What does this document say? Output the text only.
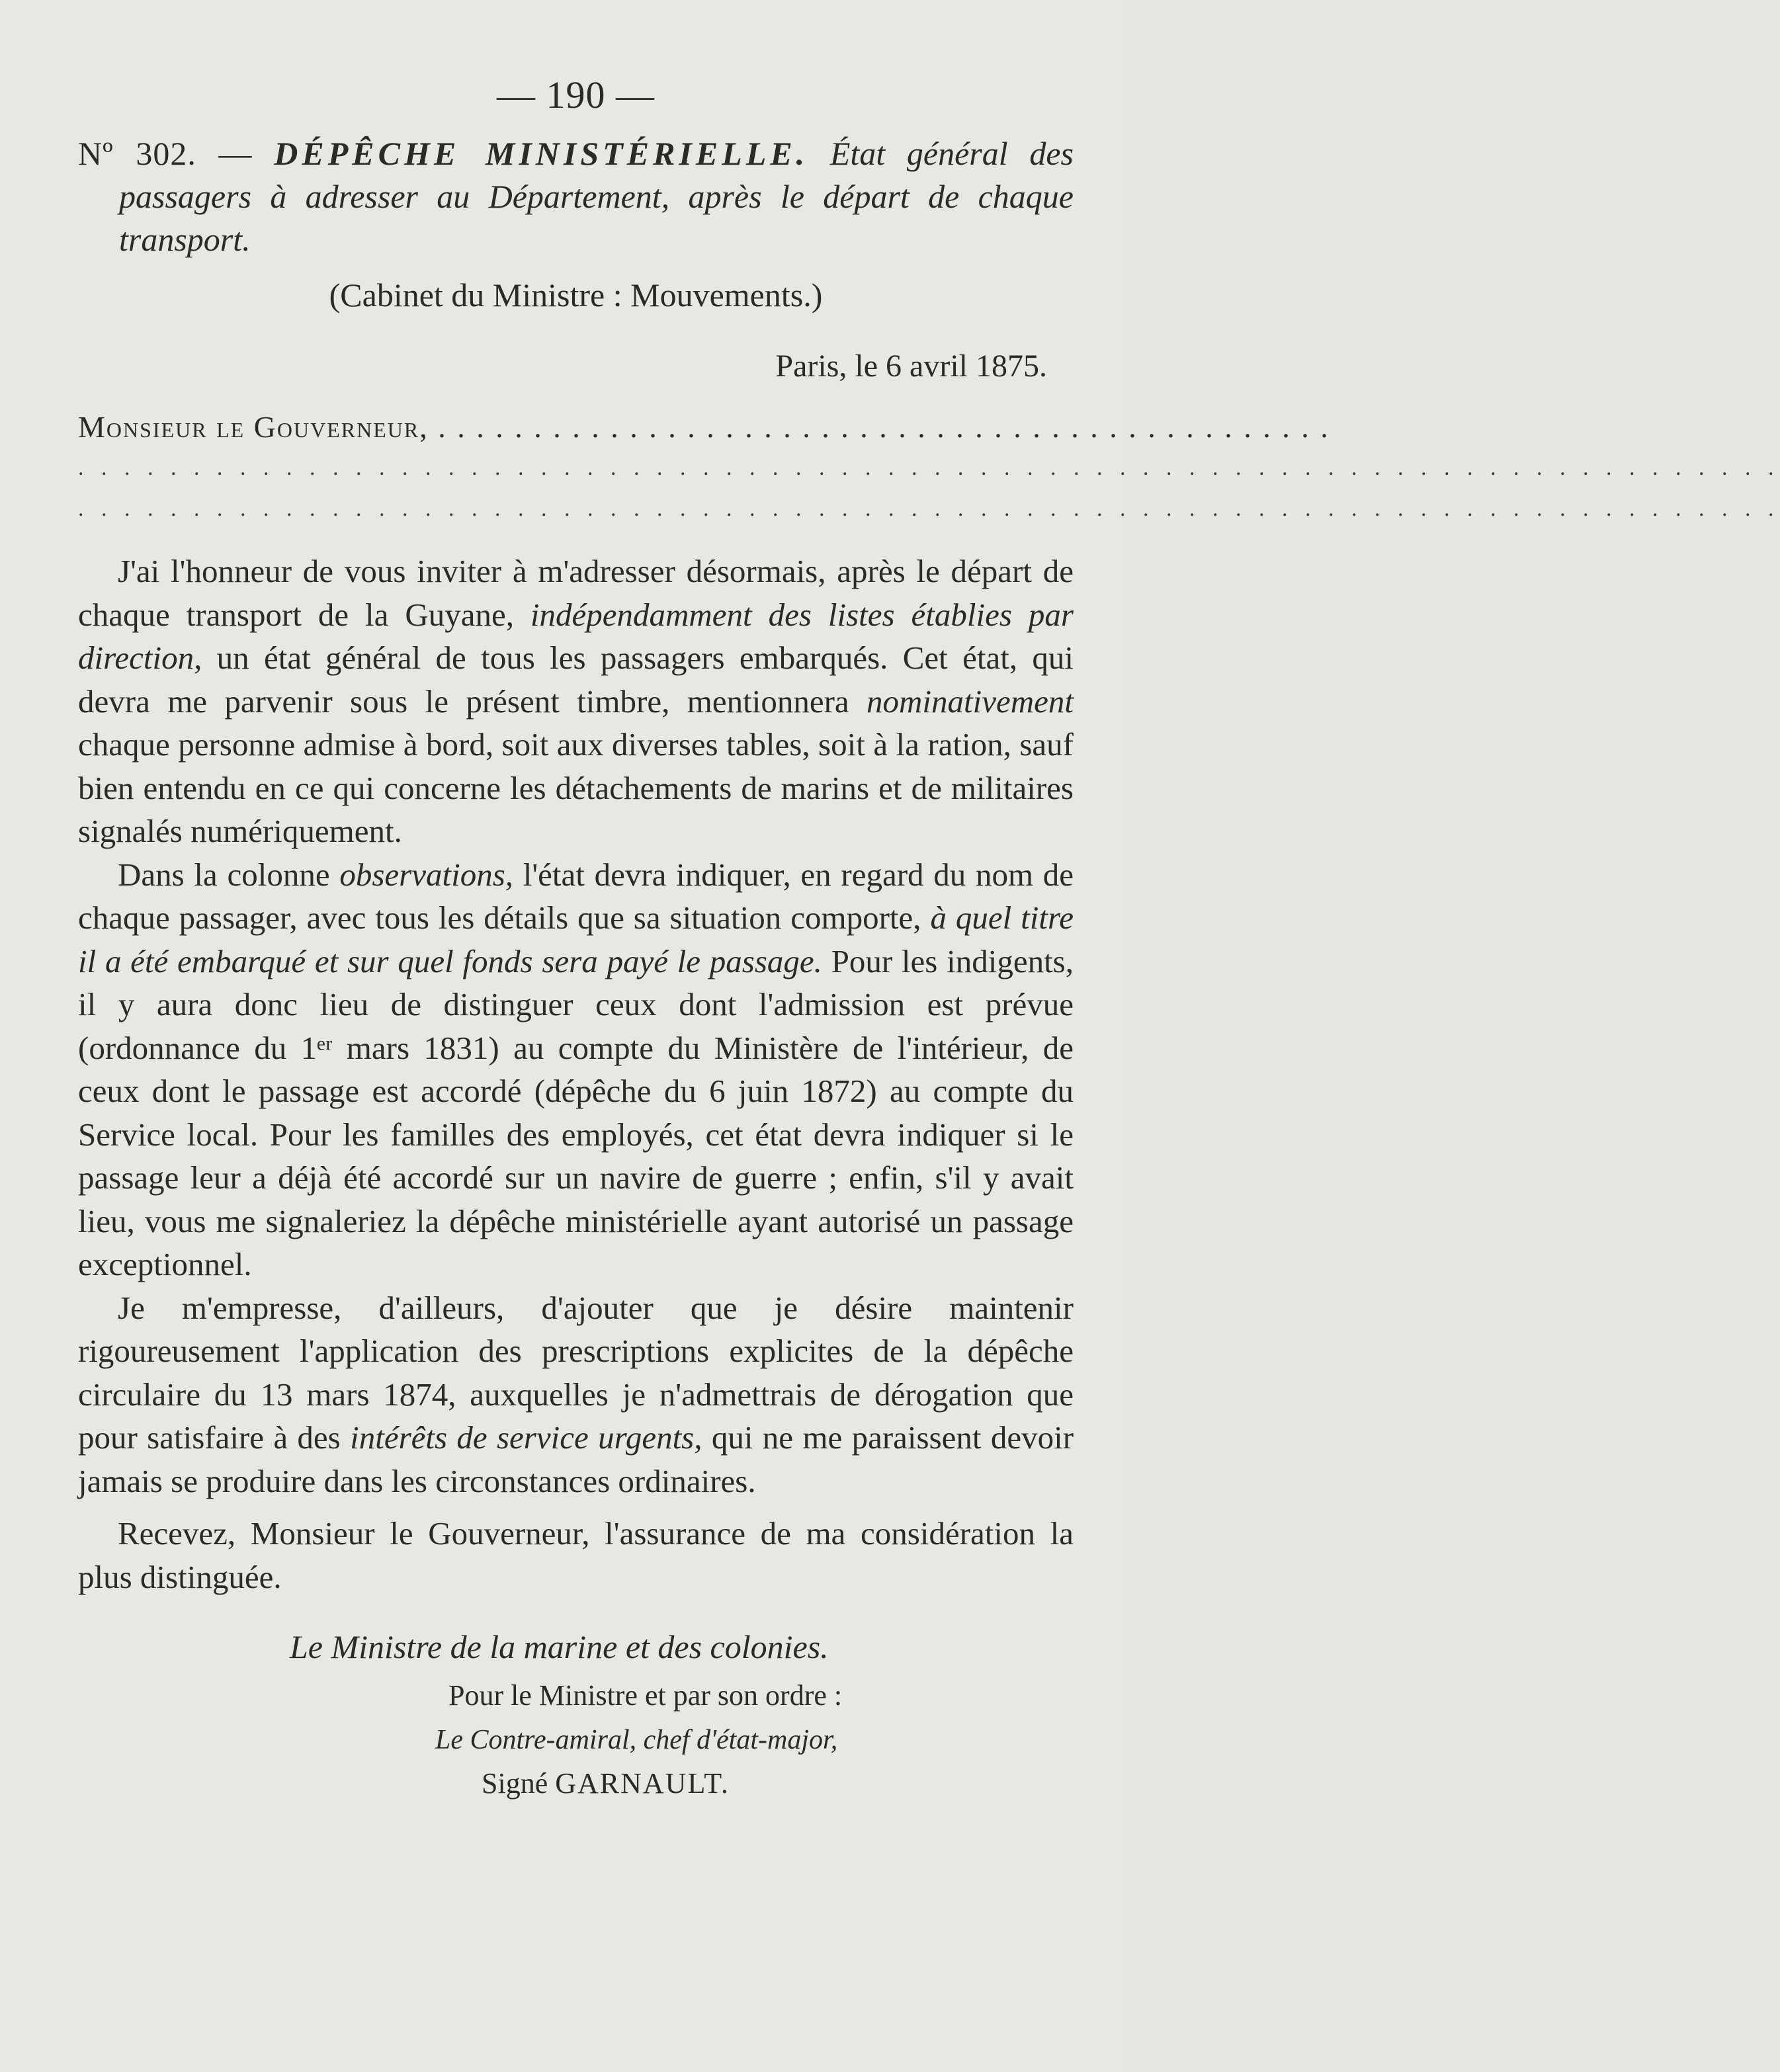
— 190 —

Nº 302. — DÉPÊCHE MINISTÉRIELLE. État général des passagers à adresser au Département, après le départ de chaque transport.

(Cabinet du Ministre : Mouvements.)
Paris, le 6 avril 1875.
Monsieur le Gouverneur, . . . . . . . . . . . . . . . . . . . . . . . . . . . . . . . . . . . . . . . . . . . . . . .
. . . . . . . . . . . . . . . . . . . . . . . . . . . . . . . . . . . . . . . . . . . . . . . . . . . . . . . . . . . . . . . . . . . . . . . . . .
. . . . . . . . . . . . . . . . . . . . . . . . . . . . . . . . . . . . . . . . . . . . . . . . . . . . . . . . . . . . . . . . . . . . . . . . . .

J'ai l'honneur de vous inviter à m'adresser désormais, après le départ de chaque transport de la Guyane, indépendamment des listes établies par direction, un état général de tous les passagers embarqués. Cet état, qui devra me parvenir sous le présent timbre, mentionnera nominativement chaque personne admise à bord, soit aux diverses tables, soit à la ration, sauf bien entendu en ce qui concerne les détachements de marins et de militaires signalés numériquement.

Dans la colonne observations, l'état devra indiquer, en regard du nom de chaque passager, avec tous les détails que sa situation comporte, à quel titre il a été embarqué et sur quel fonds sera payé le passage. Pour les indigents, il y aura donc lieu de distinguer ceux dont l'admission est prévue (ordonnance du 1ᵉʳ mars 1831) au compte du Ministère de l'intérieur, de ceux dont le passage est accordé (dépêche du 6 juin 1872) au compte du Service local. Pour les familles des employés, cet état devra indiquer si le passage leur a déjà été accordé sur un navire de guerre ; enfin, s'il y avait lieu, vous me signaleriez la dépêche ministérielle ayant autorisé un passage exceptionnel.

Je m'empresse, d'ailleurs, d'ajouter que je désire maintenir rigoureusement l'application des prescriptions explicites de la dépêche circulaire du 13 mars 1874, auxquelles je n'admettrais de dérogation que pour satisfaire à des intérêts de service urgents, qui ne me paraissent devoir jamais se produire dans les circonstances ordinaires.

Recevez, Monsieur le Gouverneur, l'assurance de ma considération la plus distinguée.

Le Ministre de la marine et des colonies.
Pour le Ministre et par son ordre :
Le Contre-amiral, chef d'état-major,
Signé GARNAULT.
